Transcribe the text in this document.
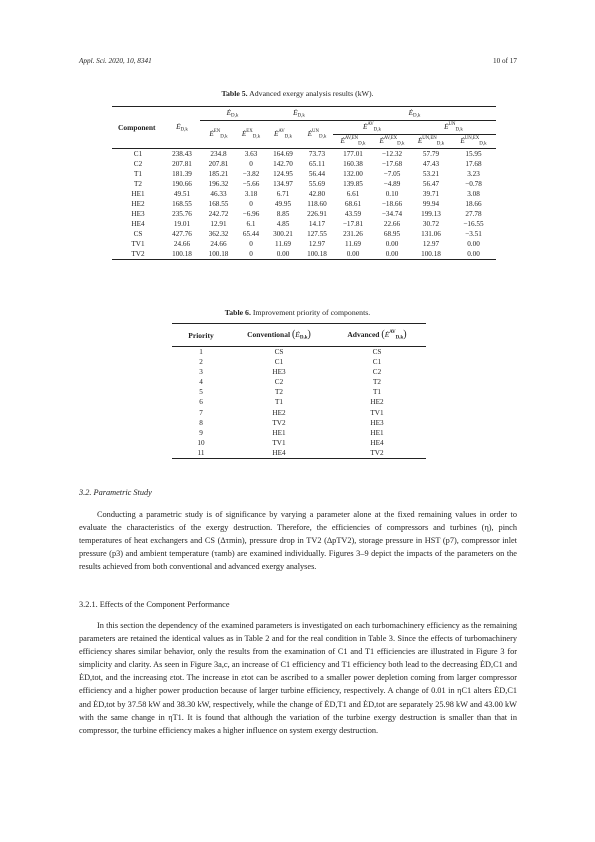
Appl. Sci. 2020, 10, 8341	10 of 17
Table 5. Advanced exergy analysis results (kW).

Component	$Ė_{D,k}$	$Ė_{D,k}$		$Ė_{D,k}$		$Ė_{D,k}$
		$Ė^{EN}_{D,k}$	$Ė^{EX}_{D,k}$	$Ė^{AV}_{D,k}$	$Ė^{UN}_{D,k}$	$Ė^{AV}_{D,k}$		$Ė^{UN}_{D,k}$
						$Ė^{AV,EN}_{D,k}$	$Ė^{AV,EX}_{D,k}$	$Ė^{UN,EN}_{D,k}$	$Ė^{UN,EX}_{D,k}$

C1	238.43	234.8	3.63	164.69	73.73	177.01	−12.32	57.79	15.95
C2	207.81	207.81	0	142.70	65.11	160.38	−17.68	47.43	17.68
T1	181.39	185.21	−3.82	124.95	56.44	132.00	−7.05	53.21	3.23
T2	190.66	196.32	−5.66	134.97	55.69	139.85	−4.89	56.47	−0.78
HE1	49.51	46.33	3.18	6.71	42.80	6.61	0.10	39.71	3.08
HE2	168.55	168.55	0	49.95	118.60	68.61	−18.66	99.94	18.66
HE3	235.76	242.72	−6.96	8.85	226.91	43.59	−34.74	199.13	27.78
HE4	19.01	12.91	6.1	4.85	14.17	−17.81	22.66	30.72	−16.55
CS	427.76	362.32	65.44	300.21	127.55	231.26	68.95	131.06	−3.51
TV1	24.66	24.66	0	11.69	12.97	11.69	0.00	12.97	0.00
TV2	100.18	100.18	0	0.00	100.18	0.00	0.00	100.18	0.00

Table 6. Improvement priority of components.

Priority	Conventional $(Ė_{D,k})$	Advanced $(Ė^{AV}_{D,k})$

1	CS	CS
2	C1	C1
3	HE3	C2
4	C2	T2
5	T2	T1
6	T1	HE2
7	HE2	TV1
8	TV2	HE3
9	HE1	HE1
10	TV1	HE4
11	HE4	TV2

3.2. Parametric Study

Conducting a parametric study is of significance by varying a parameter alone at the fixed remaining values in order to evaluate the characteristics of the exergy destruction. Therefore, the efficiencies of compressors and turbines (η), pinch temperatures of heat exchangers and CS (Δτmin), pressure drop in TV2 (ΔpTV2), storage pressure in HST (p7), compressor inlet pressure (p3) and ambient temperature (τamb) are examined individually. Figures 3–9 depict the impacts of the parameters on the results achieved from both conventional and advanced exergy analyses.

3.2.1. Effects of the Component Performance

In this section the dependency of the examined parameters is investigated on each turbomachinery efficiency as the remaining parameters are retained the identical values as in Table 2 and for the real condition in Table 3. Since the effects of turbomachinery efficiency shares similar behavior, only the results from the examination of C1 and T1 efficiencies are illustrated in Figure 3 for simplicity and clarity. As seen in Figure 3a,c, an increase of C1 efficiency and T1 efficiency both lead to the decreasing ĖD,C1 and ĖD,tot, and the increasing εtot. The increase in εtot can be ascribed to a smaller power depletion coming from larger compressor efficiency and a higher power production because of larger turbine efficiency, respectively. A change of 0.01 in ηC1 alters ĖD,C1 and ĖD,tot by 37.58 kW and 38.30 kW, respectively, while the change of ĖD,T1 and ĖD,tot are separately 25.98 kW and 43.00 kW with the same change in ηT1. It is found that although the variation of the turbine exergy destruction is smaller than that in compressor, the turbine efficiency makes a higher influence on system exergy destruction.
